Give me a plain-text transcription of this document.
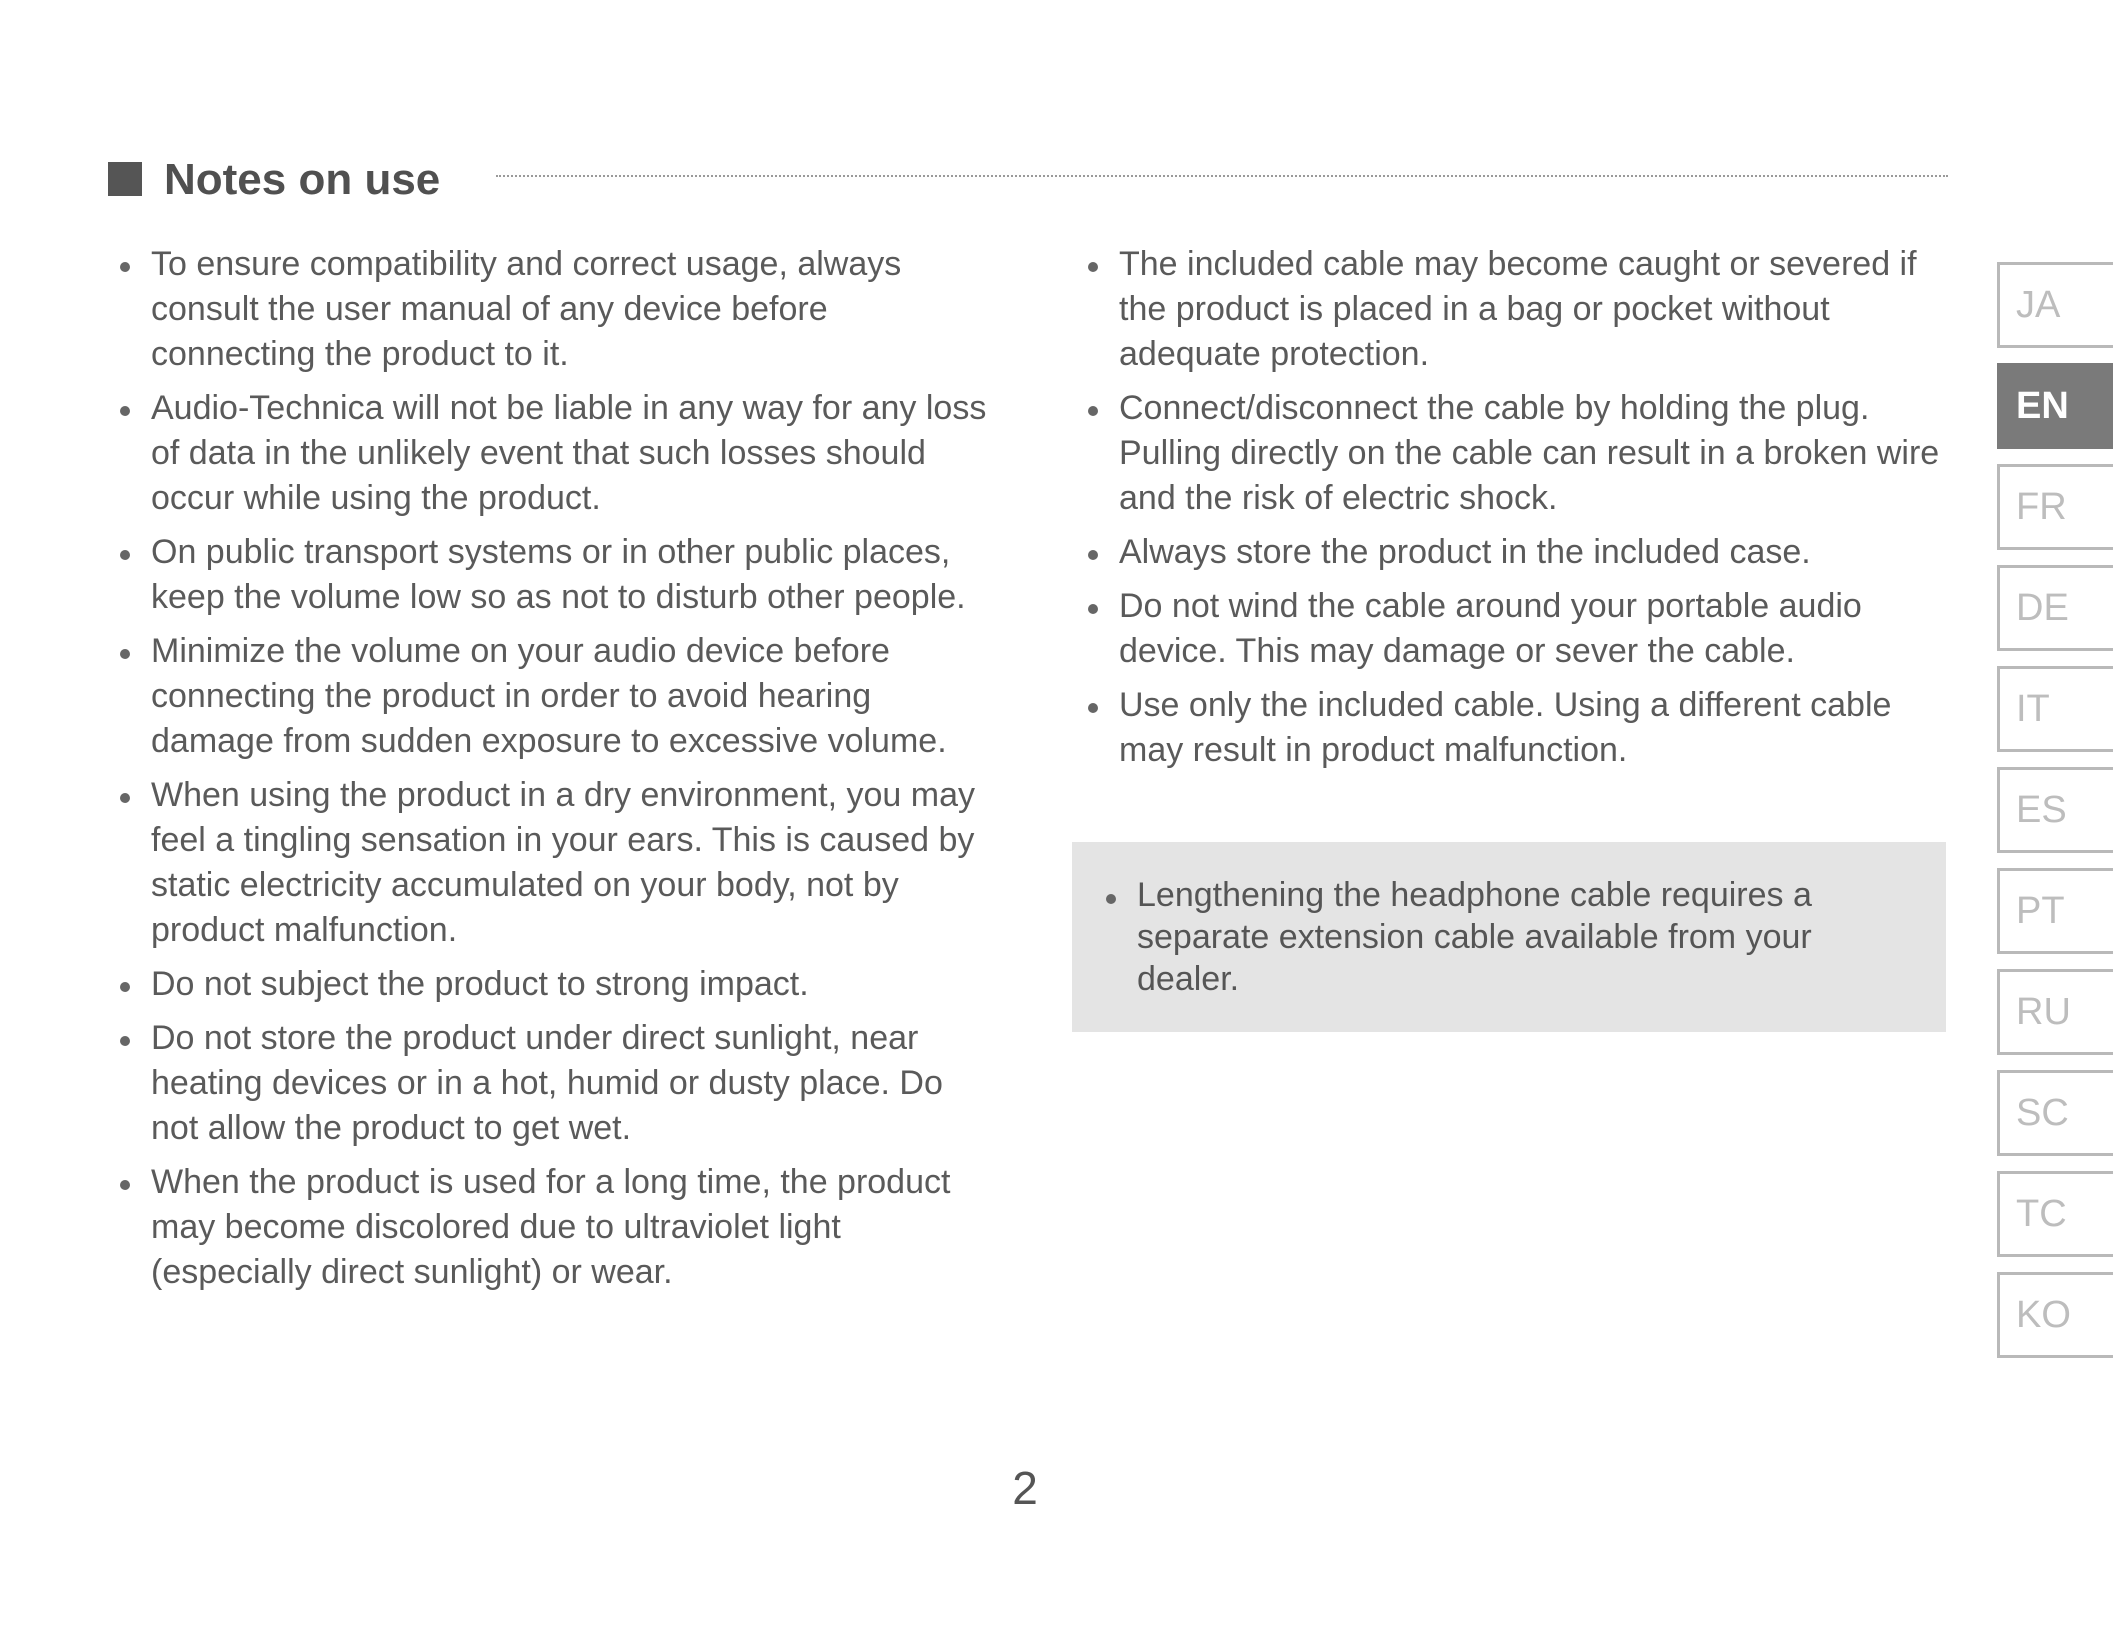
Notes on use
To ensure compatibility and correct usage, always consult the user manual of any device before connecting the product to it.
Audio-Technica will not be liable in any way for any loss of data in the unlikely event that such losses should occur while using the product.
On public transport systems or in other public places, keep the volume low so as not to disturb other people.
Minimize the volume on your audio device before connecting the product in order to avoid hearing damage from sudden exposure to excessive volume.
When using the product in a dry environment, you may feel a tingling sensation in your ears. This is caused by static electricity accumulated on your body, not by product malfunction.
Do not subject the product to strong impact.
Do not store the product under direct sunlight, near heating devices or in a hot, humid or dusty place. Do not allow the product to get wet.
When the product is used for a long time, the product may become discolored due to ultraviolet light (especially direct sunlight) or wear.
The included cable may become caught or severed if the product is placed in a bag or pocket without adequate protection.
Connect/disconnect the cable by holding the plug. Pulling directly on the cable can result in a broken wire and the risk of electric shock.
Always store the product in the included case.
Do not wind the cable around your portable audio device. This may damage or sever the cable.
Use only the included cable. Using a different cable may result in product malfunction.
Lengthening the headphone cable requires a separate extension cable available from your dealer.
2
JA
EN
FR
DE
IT
ES
PT
RU
SC
TC
KO
